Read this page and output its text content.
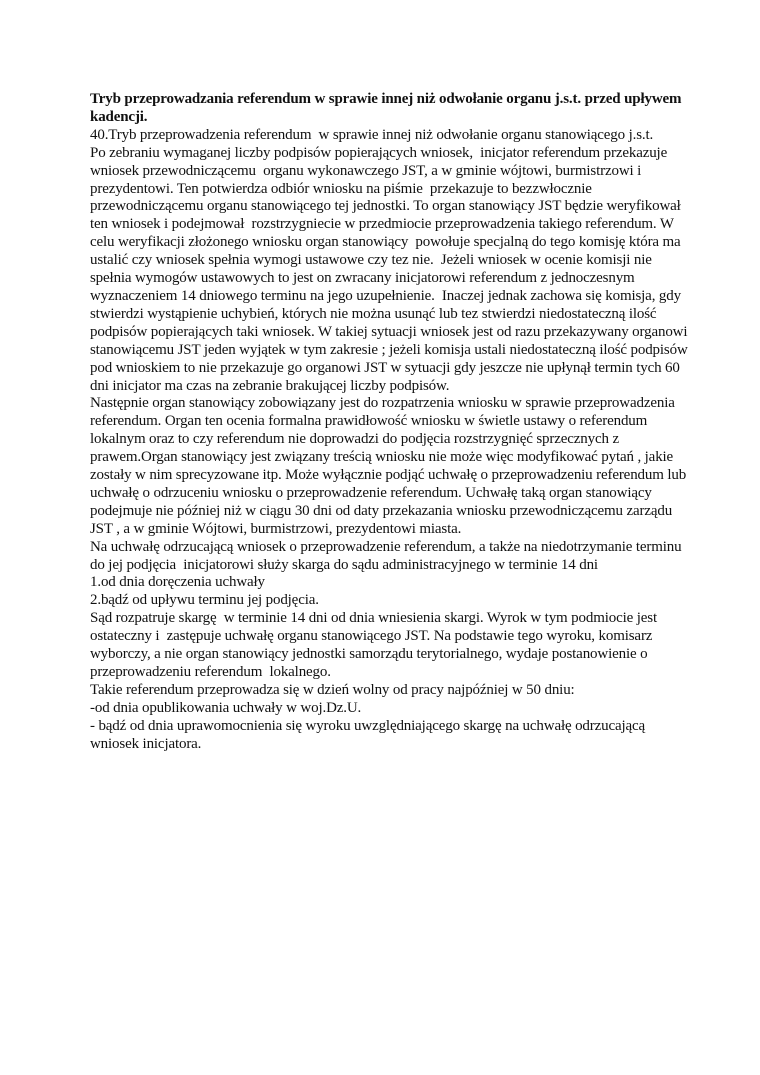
Tryb przeprowadzania referendum w sprawie innej niż odwołanie organu j.s.t. przed upływem kadencji.

40.Tryb przeprowadzenia referendum  w sprawie innej niż odwołanie organu stanowiącego j.s.t.

Po zebraniu wymaganej liczby podpisów popierających wniosek,  inicjator referendum przekazuje wniosek przewodniczącemu  organu wykonawczego JST, a w gminie wójtowi, burmistrzowi i prezydentowi. Ten potwierdza odbiór wniosku na piśmie  przekazuje to bezzwłocznie przewodniczącemu organu stanowiącego tej jednostki. To organ stanowiący JST będzie weryfikował ten wniosek i podejmował  rozstrzygniecie w przedmiocie przeprowadzenia takiego referendum. W celu weryfikacji złożonego wniosku organ stanowiący  powołuje specjalną do tego komisję która ma ustalić czy wniosek spełnia wymogi ustawowe czy tez nie.  Jeżeli wniosek w ocenie komisji nie spełnia wymogów ustawowych to jest on zwracany inicjatorowi referendum z jednoczesnym wyznaczeniem 14 dniowego terminu na jego uzupełnienie.  Inaczej jednak zachowa się komisja, gdy stwierdzi wystąpienie uchybień, których nie można usunąć lub tez stwierdzi niedostateczną ilość podpisów popierających taki wniosek. W takiej sytuacji wniosek jest od razu przekazywany organowi stanowiącemu JST jeden wyjątek w tym zakresie ; jeżeli komisja ustali niedostateczną ilość podpisów pod wnioskiem to nie przekazuje go organowi JST w sytuacji gdy jeszcze nie upłynął termin tych 60 dni inicjator ma czas na zebranie brakującej liczby podpisów.

Następnie organ stanowiący zobowiązany jest do rozpatrzenia wniosku w sprawie przeprowadzenia referendum. Organ ten ocenia formalna prawidłowość wniosku w świetle ustawy o referendum lokalnym oraz to czy referendum nie doprowadzi do podjęcia rozstrzygnięć sprzecznych z prawem.Organ stanowiący jest związany treścią wniosku nie może więc modyfikować pytań , jakie zostały w nim sprecyzowane itp. Może wyłącznie podjąć uchwałę o przeprowadzeniu referendum lub uchwałę o odrzuceniu wniosku o przeprowadzenie referendum. Uchwałę taką organ stanowiący podejmuje nie później niż w ciągu 30 dni od daty przekazania wniosku przewodniczącemu zarządu JST , a w gminie Wójtowi, burmistrzowi, prezydentowi miasta.

Na uchwałę odrzucającą wniosek o przeprowadzenie referendum, a także na niedotrzymanie terminu  do jej podjęcia  inicjatorowi służy skarga do sądu administracyjnego w terminie 14 dni

1.od dnia doręczenia uchwały

2.bądź od upływu terminu jej podjęcia.

Sąd rozpatruje skargę  w terminie 14 dni od dnia wniesienia skargi. Wyrok w tym podmiocie jest ostateczny i  zastępuje uchwałę organu stanowiącego JST. Na podstawie tego wyroku, komisarz wyborczy, a nie organ stanowiący jednostki samorządu terytorialnego, wydaje postanowienie o przeprowadzeniu referendum  lokalnego.

Takie referendum przeprowadza się w dzień wolny od pracy najpóźniej w 50 dniu:

-od dnia opublikowania uchwały w woj.Dz.U.

- bądź od dnia uprawomocnienia się wyroku uwzględniającego skargę na uchwałę odrzucającą wniosek inicjatora.
